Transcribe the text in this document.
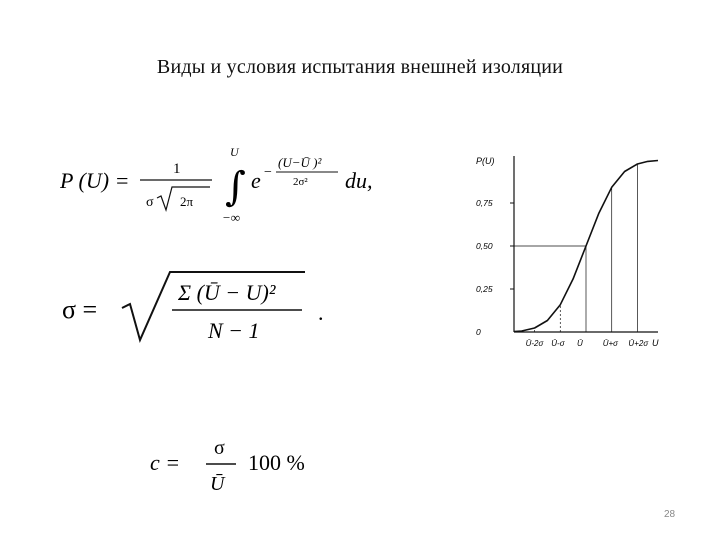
Виды и условия испытания внешней изоляции
P (U) =	1
σ 2π
U
∫
−∞
e −
(U−Ū )²
2σ² du,
σ =
Σ (Ū − U)²
N − 1
.
c =
σ
Ū
100 %
P(U)
0
0,25
0,50
0,75
Ū-2σ Ū-σ Ū Ū+σ Ū+2σ U
28
